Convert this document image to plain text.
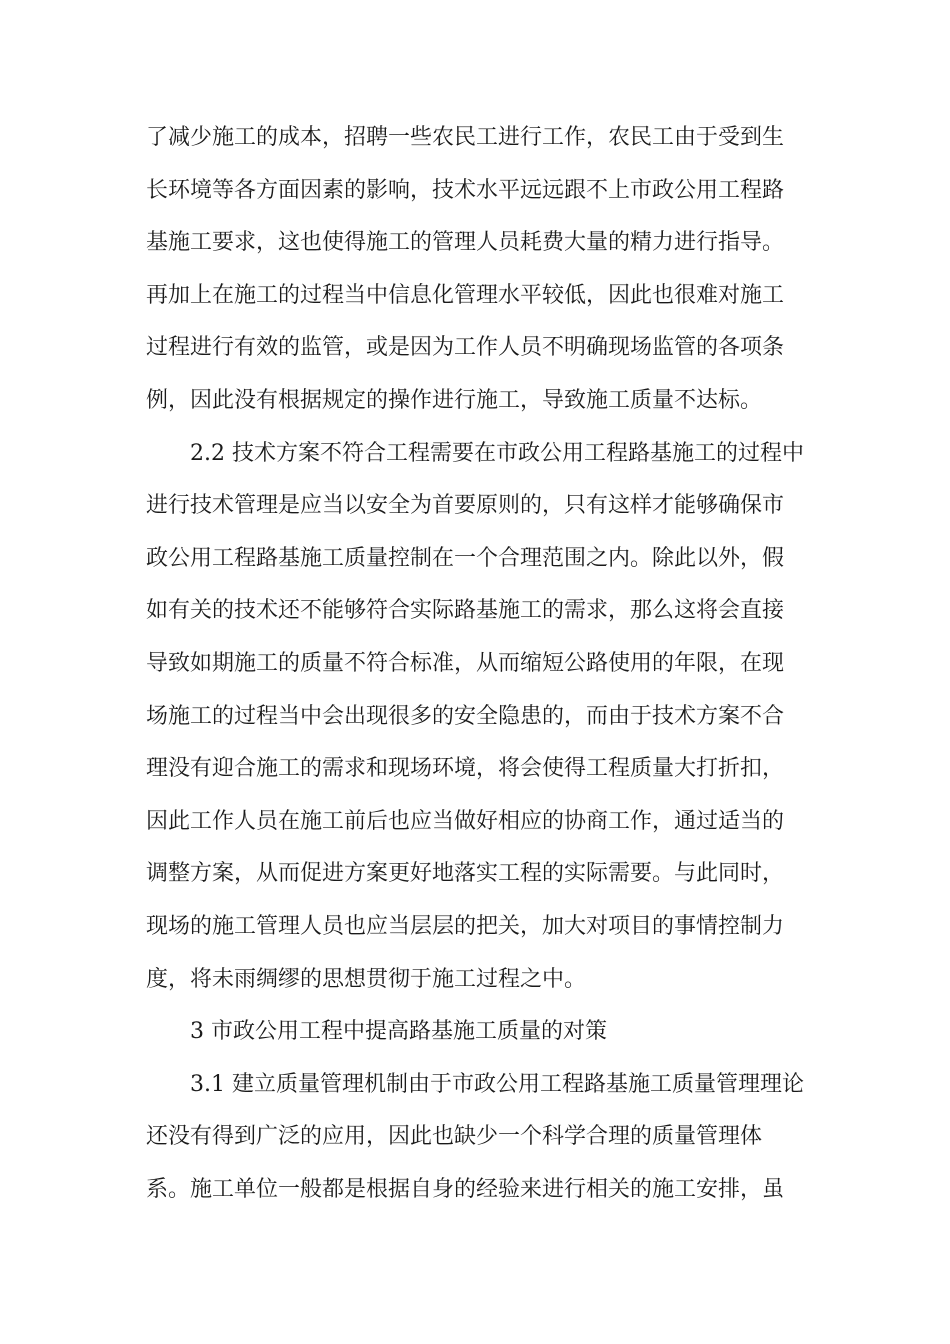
了减少施工的成本，招聘一些农民工进行工作，农民工由于受到生
长环境等各方面因素的影响，技术水平远远跟不上市政公用工程路
基施工要求，这也使得施工的管理人员耗费大量的精力进行指导。
再加上在施工的过程当中信息化管理水平较低，因此也很难对施工
过程进行有效的监管，或是因为工作人员不明确现场监管的各项条
例，因此没有根据规定的操作进行施工，导致施工质量不达标。
2.2 技术方案不符合工程需要在市政公用工程路基施工的过程中
进行技术管理是应当以安全为首要原则的，只有这样才能够确保市
政公用工程路基施工质量控制在一个合理范围之内。除此以外，假
如有关的技术还不能够符合实际路基施工的需求，那么这将会直接
导致如期施工的质量不符合标准，从而缩短公路使用的年限，在现
场施工的过程当中会出现很多的安全隐患的，而由于技术方案不合
理没有迎合施工的需求和现场环境，将会使得工程质量大打折扣，
因此工作人员在施工前后也应当做好相应的协商工作，通过适当的
调整方案，从而促进方案更好地落实工程的实际需要。与此同时，
现场的施工管理人员也应当层层的把关，加大对项目的事情控制力
度，将未雨绸缪的思想贯彻于施工过程之中。
3 市政公用工程中提高路基施工质量的对策
3.1 建立质量管理机制由于市政公用工程路基施工质量管理理论
还没有得到广泛的应用，因此也缺少一个科学合理的质量管理体
系。施工单位一般都是根据自身的经验来进行相关的施工安排，虽
